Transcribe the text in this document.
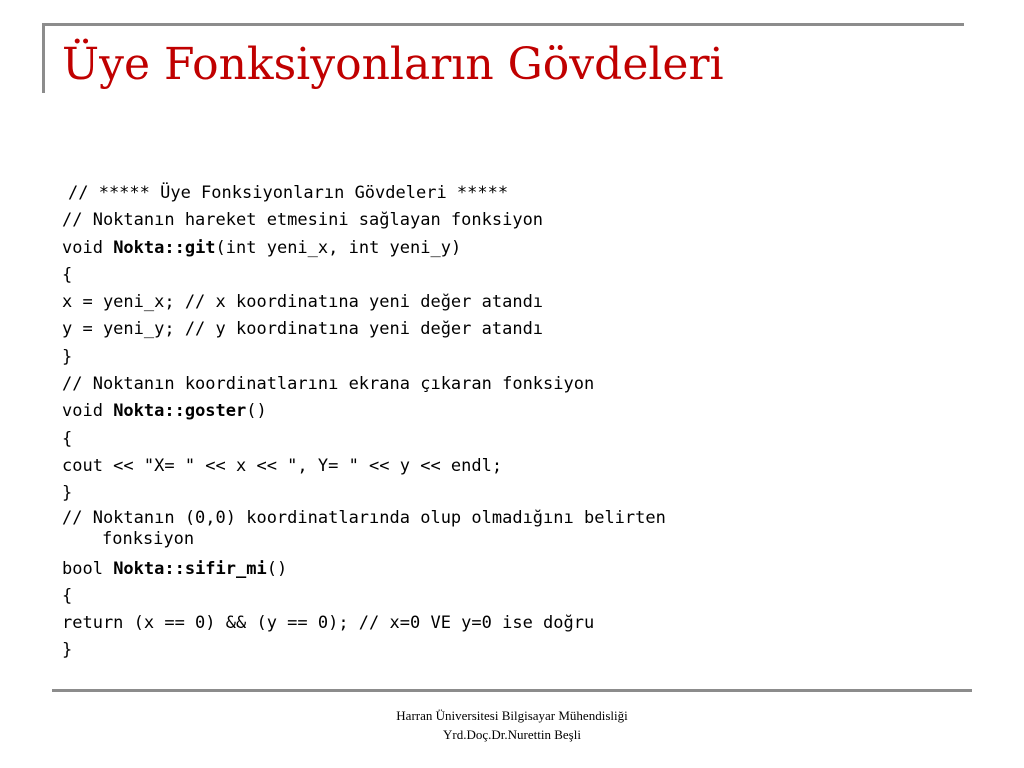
Üye Fonksiyonların Gövdeleri
// ***** Üye Fonksiyonların Gövdeleri *****
// Noktanın hareket etmesini sağlayan fonksiyon
void Nokta::git(int yeni_x, int yeni_y)
{
x = yeni_x; // x koordinatına yeni değer atandı
y = yeni_y; // y koordinatına yeni değer atandı
}
// Noktanın koordinatlarını ekrana çıkaran fonksiyon
void Nokta::goster()
{
cout << "X= " << x << ", Y= " << y << endl;
}
// Noktanın (0,0) koordinatlarında olup olmadığını belirten
fonksiyon
bool Nokta::sifir_mi()
{
return (x == 0) && (y == 0); // x=0 VE y=0 ise doğru
}
Harran Üniversitesi Bilgisayar Mühendisliği
Yrd.Doç.Dr.Nurettin Beşli
